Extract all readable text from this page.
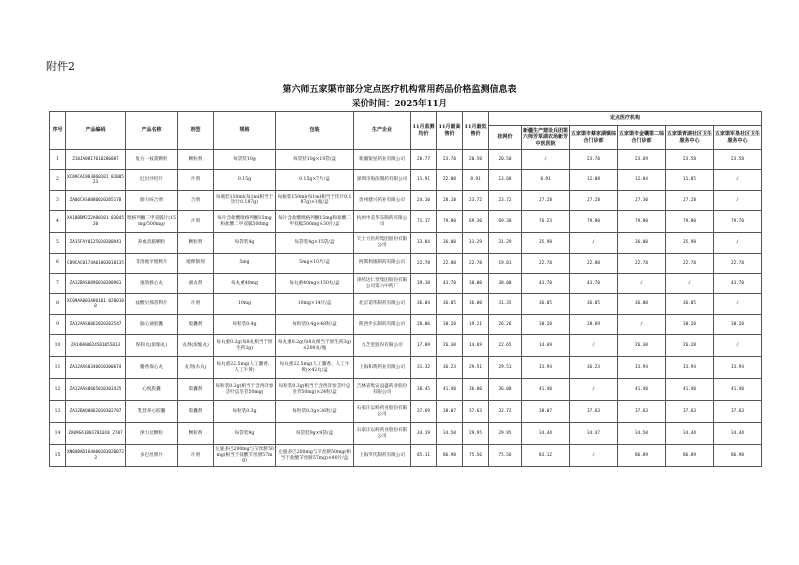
附件2
第六师五家渠市部分定点医疗机构常用药品价格监测信息表
采价时间：2025年11月
序号	产品编码	产品名称	剂型	规格	包装	生产企业	11月监测均价	11月最高售价	11月最低售价	定点医疗机构					
										挂网价	新疆生产建设兵团第六师芳草湖农场新芳中医医院	五家渠市蔡家湖镇综合门诊部	五家渠市金镶第二综合门诊部	五家渠青湖社区卫生服务中心	五家渠军垦社区卫生服务中心
1	Z10JA0817010206007	复方一枝蒿颗粒	颗粒剂	每袋装10g	每袋装10g×10袋/盒	新疆银星药业有限公司	20.77	23.70	20.50	20.50	/	23.70	23.69	23.58	23.58
2	XC09CAC083060101 0100523	厄贝沙坦片	片剂	0.15g	0.15g×7片/盒	深圳市海滨制药有限公司	11.91	22.00	8.91	13.68	8.91	12.08	12.04	11.85	/
3	ZA06CAS0080020205178	肺力咳合剂	合剂	每瓶装150ml(每1ml相当于饮片0.187g)	每瓶装150ml(每1ml相当于饮片0.187g)×1瓶/盒	贵州健兴药业有限公司	24.10	28.18	23.72	23.72	27.28	27.28	27.30	27.28	/
4	XA10BDM222A00101 0304520	吡格列酮二甲双胍片(15mg/500mg)	片剂	每片含盐酸吡格列酮15mg和盐酸二甲双胍500mg	每片含盐酸吡格列酮15mg和盐酸二甲双胍500mg×30片/盒	杭州中美华东制药有限公司	71.17	79.80	69.30	69.30	76.23	79.80	79.80	79.80	79.70
5	ZA15FAY0125010200941	养血清脑颗粒	颗粒剂	每袋装4g	每袋装4g×15袋/盒	天士力医药集团股份有限公司	33.04	36.00	31.29	31.29	35.98	/	36.00	35.98	/
6	C09CAC0174A01003010135	非洛地平缓释片	缓释制剂	5mg	5mg×10片/盒	阿斯利康制药有限公司	22.78	22.80	22.78	19.81	22.78	22.80	22.78	22.78	22.78
7	ZA12BAS0096010200961	速效救心丸	滴丸剂	每丸重40mg	每丸重40mg×150丸/盒	津药达仁堂集团股份有限公司第六中药厂	39.10	43.70	38.00	38.00	43.70	43.70	/	/	43.70
8	XC09AA003A00101 0200100	盐酸贝那普利片	片剂	10mg	10mg×14片/盒	北京诺华制药有限公司	36.04	36.05	36.00	31.35	36.05	36.05	36.00	36.05	/
9	ZA12AAS0062020202547	脑心通胶囊	胶囊剂	每粒装0.4g	每粒装0.4g×48粒/盒	陕西步长制药有限公司	28.06	30.20	19.21	26.26	30.20	28.69	/	30.20	30.20
10	ZA14BA0024501055013	保和丸(浓缩丸)	丸剂(浓缩丸)	每丸重0.2g(每8丸相当于原生药3g)	每丸重0.2g(每8丸相当于原生药3g)×200丸/瓶	九芝堂股份有限公司	17.09	26.30	14.69	22.65	14.69	/	26.30	26.28	/
11	ZA12AAS0340010300674	麝香保心丸	丸剂(水丸)	每丸重22.5mg(人工麝香、人工牛黄)	每丸重22.5mg(人工麝香、人工牛黄)×42丸/盒	上海和黄药业有限公司	31.32	36.23	29.51	29.51	33.94	36.23	33.94	33.94	33.94
12	ZA12AAS0665010103425	心悦胶囊	胶囊剂	每粒装0.3g(相当于含西洋参茎叶总皂苷50mg)	每粒装0.3g(相当于含西洋参茎叶总皂苷50mg)×24粒/盒	吉林省集安益盛药业股份有限公司	38.45	41.40	36.00	36.00	41.40	/	41.40	41.40	41.40
13	ZA12BAQ0062010102707	乳营养心胶囊	胶囊剂	每粒装0.3g	每粒装0.3g×36粒/盒	石家庄以岭药业股份有限公司	37.69	38.07	37.63	32.72	38.07	37.63	37.63	37.63	37.63
14	ZA09GA1001701010 2707	津力达颗粒	颗粒剂	每袋装9g	每袋装9g×9袋/盒	石家庄以岭药业股份有限公司	34.19	34.50	29.95	29.95	34.44	34.47	34.50	34.44	34.44
15	XN04BAD164A001010200723	多巴丝肼片	片剂	左旋多巴200mg与苄丝肼50mg(相当于盐酸苄丝肼57mg)	左旋多巴200mg与苄丝肼50mg(相当于盐酸苄丝肼57mg)×40片/盒	上海罗氏制药有限公司	85.11	86.90	75.56	75.56	83.12	/	86.89	86.89	86.90
